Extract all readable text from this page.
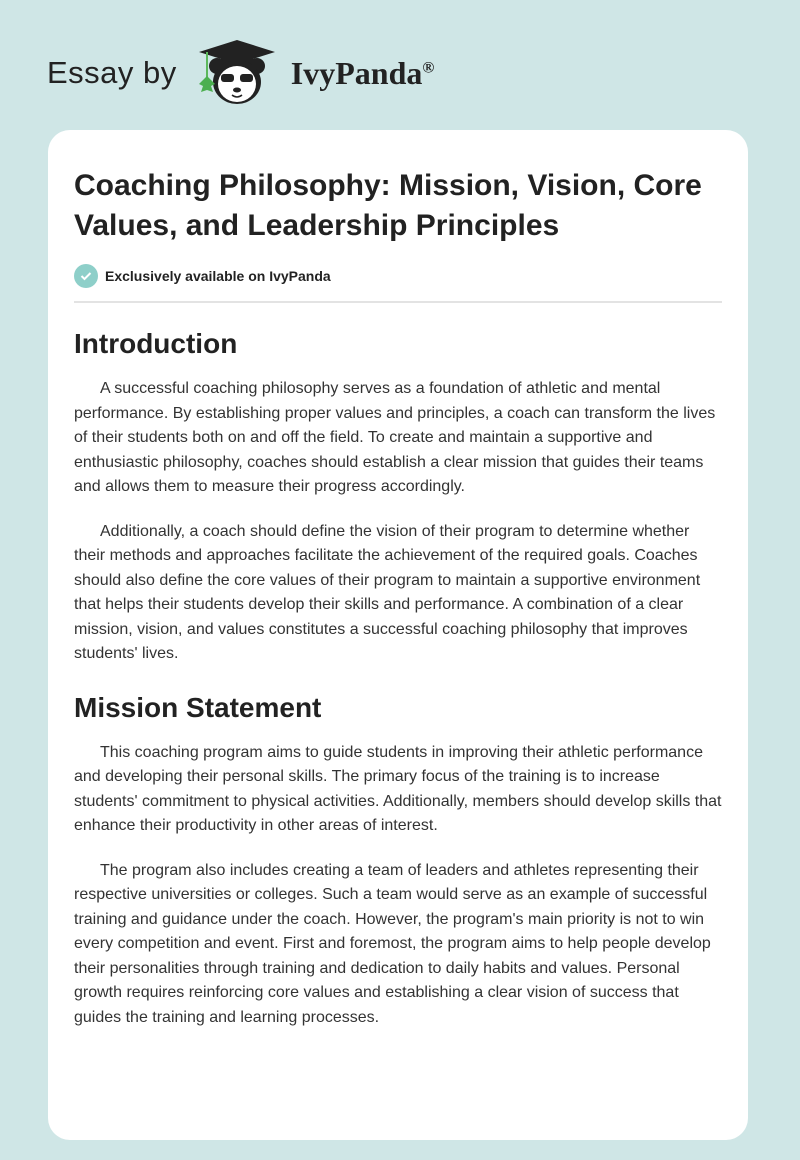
Essay by	IvyPanda®
Coaching Philosophy: Mission, Vision, Core Values, and Leadership Principles
Exclusively available on IvyPanda
Introduction

A successful coaching philosophy serves as a foundation of athletic and mental performance. By establishing proper values and principles, a coach can transform the lives of their students both on and off the field. To create and maintain a supportive and enthusiastic philosophy, coaches should establish a clear mission that guides their teams and allows them to measure their progress accordingly.

Additionally, a coach should define the vision of their program to determine whether their methods and approaches facilitate the achievement of the required goals. Coaches should also define the core values of their program to maintain a supportive environment that helps their students develop their skills and performance. A combination of a clear mission, vision, and values constitutes a successful coaching philosophy that improves students' lives.

Mission Statement

This coaching program aims to guide students in improving their athletic performance and developing their personal skills. The primary focus of the training is to increase students' commitment to physical activities. Additionally, members should develop skills that enhance their productivity in other areas of interest.

The program also includes creating a team of leaders and athletes representing their respective universities or colleges. Such a team would serve as an example of successful training and guidance under the coach. However, the program's main priority is not to win every competition and event. First and foremost, the program aims to help people develop their personalities through training and dedication to daily habits and values. Personal growth requires reinforcing core values and establishing a clear vision of success that guides the training and learning processes.
